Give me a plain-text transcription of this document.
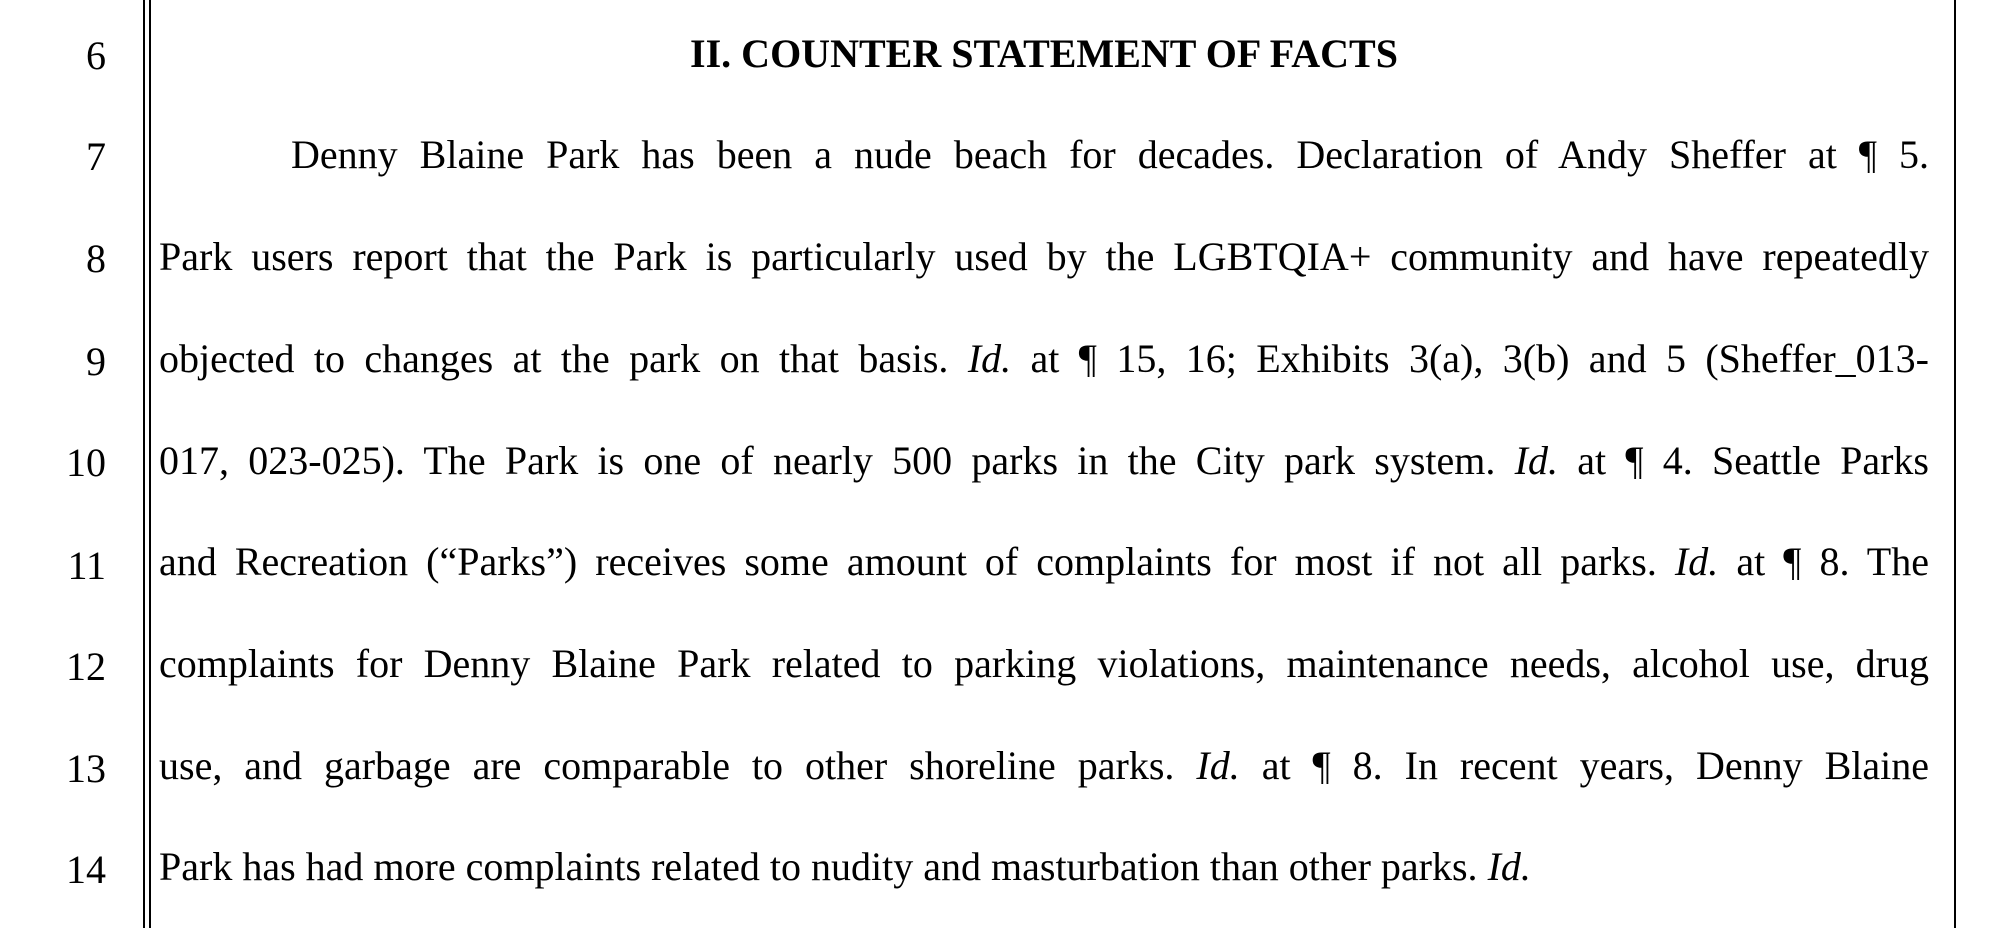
6
7
8
9
10
11
12
13
14
II. COUNTER STATEMENT OF FACTS
Denny Blaine Park has been a nude beach for decades. Declaration of Andy Sheffer at ¶ 5.
Park users report that the Park is particularly used by the LGBTQIA+ community and have repeatedly
objected to changes at the park on that basis. Id. at ¶ 15, 16; Exhibits 3(a), 3(b) and 5 (Sheffer_013-
017, 023-025). The Park is one of nearly 500 parks in the City park system. Id. at ¶ 4. Seattle Parks
and Recreation (“Parks”) receives some amount of complaints for most if not all parks. Id. at ¶ 8. The
complaints for Denny Blaine Park related to parking violations, maintenance needs, alcohol use, drug
use, and garbage are comparable to other shoreline parks. Id. at ¶ 8. In recent years, Denny Blaine
Park has had more complaints related to nudity and masturbation than other parks. Id.
